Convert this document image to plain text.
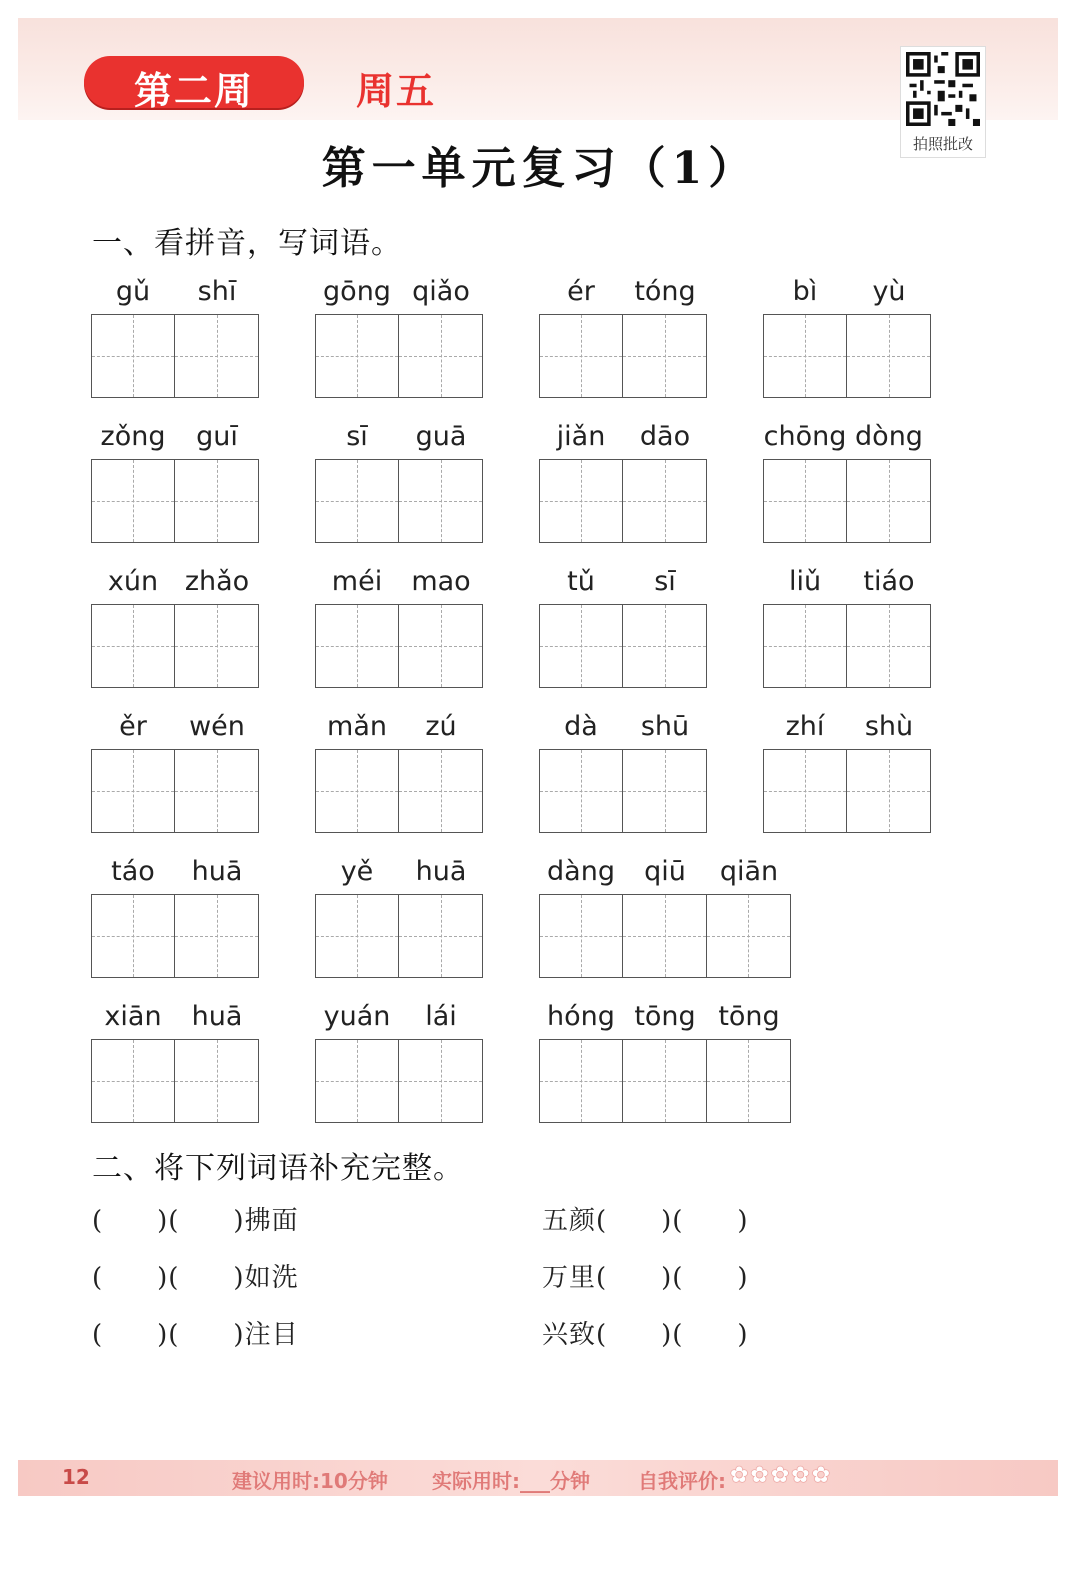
第二周	周五
拍照批改
第一单元复习（1）
一、看拼音，写词语。
gǔ	shī	gōng qiǎo	ér	tóng	bì	yù
zǒng	guī	sī	guā	jiǎn	dāo	chōng dòng
xún zhǎo	méi	mao	tǔ	sī	liǔ	tiáo
ěr	wén	mǎn	zú	dà	shū	zhí	shù
táo	huā	yě	huā	dàng	qiū	qiān
xiān	huā	yuán	lái	hóng tōng tōng
二、将下列词语补充完整。
(　　)(　　)拂面
(　　)(　　)如洗
(　　)(　　)注目
五颜(　　)(　　)
万里(　　)(　　)
兴致(　　)(　　)
12	建议用时:10分钟 实际用时:___分钟 自我评价: ✿✿✿✿✿
